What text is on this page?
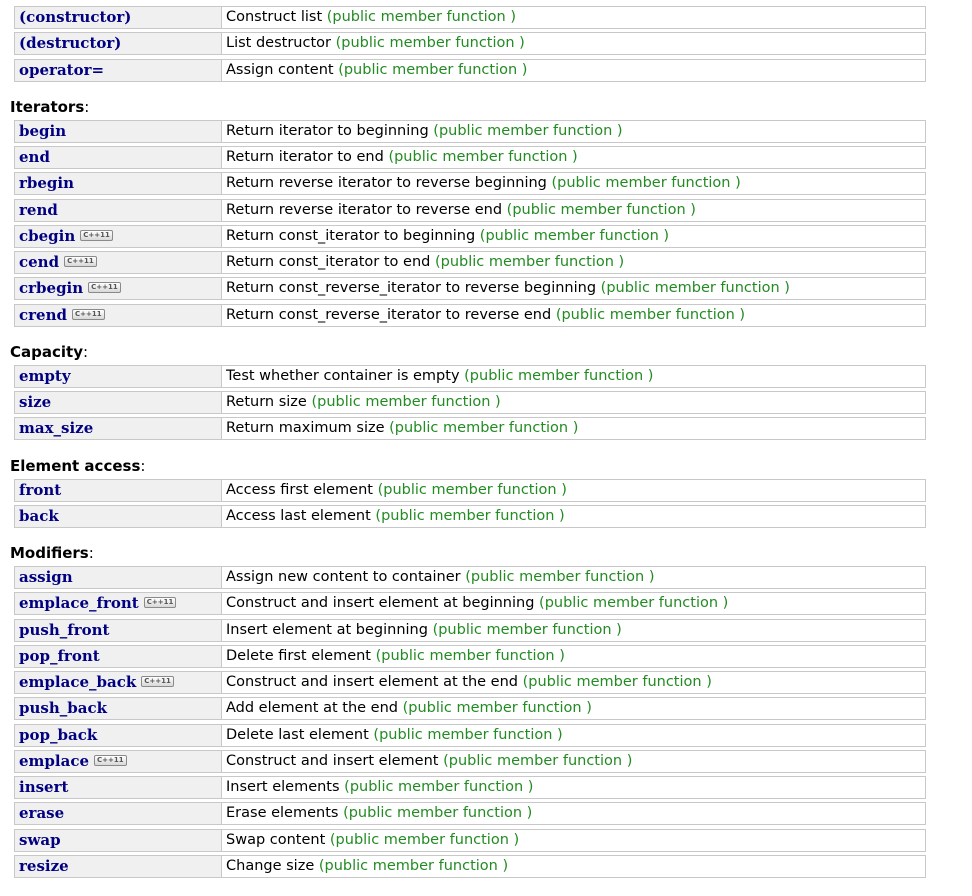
(constructor)	Construct list (public member function )
(destructor)	List destructor (public member function )
operator=	Assign content (public member function )
Iterators:
begin	Return iterator to beginning (public member function )
end	Return iterator to end (public member function )
rbegin	Return reverse iterator to reverse beginning (public member function )
rend	Return reverse iterator to reverse end (public member function )
cbegin C++11	Return const_iterator to beginning (public member function )
cend C++11	Return const_iterator to end (public member function )
crbegin C++11	Return const_reverse_iterator to reverse beginning (public member function )
crend C++11	Return const_reverse_iterator to reverse end (public member function )
Capacity:
empty	Test whether container is empty (public member function )
size	Return size (public member function )
max_size	Return maximum size (public member function )
Element access:
front	Access first element (public member function )
back	Access last element (public member function )
Modifiers:
assign	Assign new content to container (public member function )
emplace_front C++11	Construct and insert element at beginning (public member function )
push_front	Insert element at beginning (public member function )
pop_front	Delete first element (public member function )
emplace_back C++11	Construct and insert element at the end (public member function )
push_back	Add element at the end (public member function )
pop_back	Delete last element (public member function )
emplace C++11	Construct and insert element (public member function )
insert	Insert elements (public member function )
erase	Erase elements (public member function )
swap	Swap content (public member function )
resize	Change size (public member function )
